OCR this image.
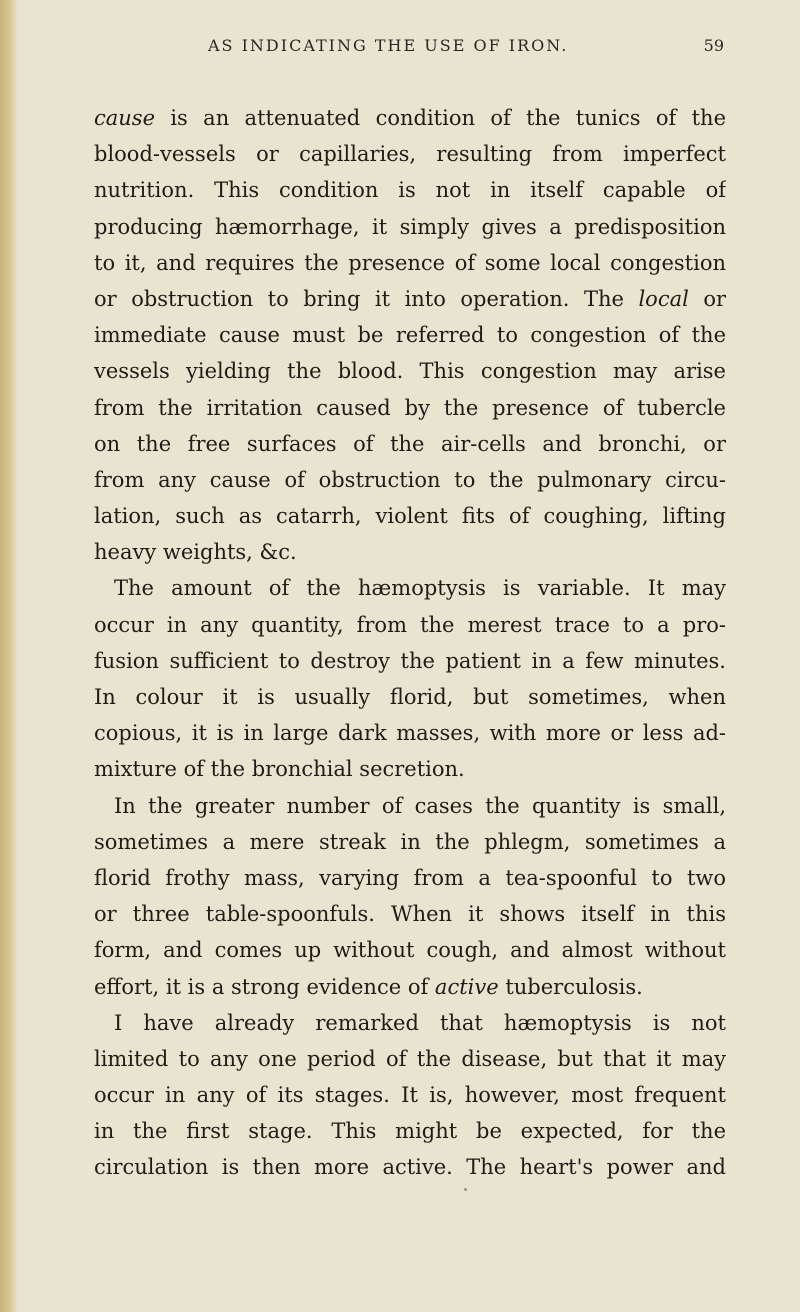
AS INDICATING THE USE OF IRON.	59
cause is an attenuated condition of the tunics of the
blood-vessels or capillaries, resulting from imperfect
nutrition. This condition is not in itself capable of
producing hæmorrhage, it simply gives a predisposition
to it, and requires the presence of some local congestion
or obstruction to bring it into operation. The local or
immediate cause must be referred to congestion of the
vessels yielding the blood. This congestion may arise
from the irritation caused by the presence of tubercle
on the free surfaces of the air-cells and bronchi, or
from any cause of obstruction to the pulmonary circu-
lation, such as catarrh, violent fits of coughing, lifting
heavy weights, &c.
The amount of the hæmoptysis is variable. It may
occur in any quantity, from the merest trace to a pro-
fusion sufficient to destroy the patient in a few minutes.
In colour it is usually florid, but sometimes, when
copious, it is in large dark masses, with more or less ad-
mixture of the bronchial secretion.
In the greater number of cases the quantity is small,
sometimes a mere streak in the phlegm, sometimes a
florid frothy mass, varying from a tea-spoonful to two
or three table-spoonfuls. When it shows itself in this
form, and comes up without cough, and almost without
effort, it is a strong evidence of active tuberculosis.
I have already remarked that hæmoptysis is not
limited to any one period of the disease, but that it may
occur in any of its stages. It is, however, most frequent
in the first stage. This might be expected, for the
circulation is then more active. The heart's power and
